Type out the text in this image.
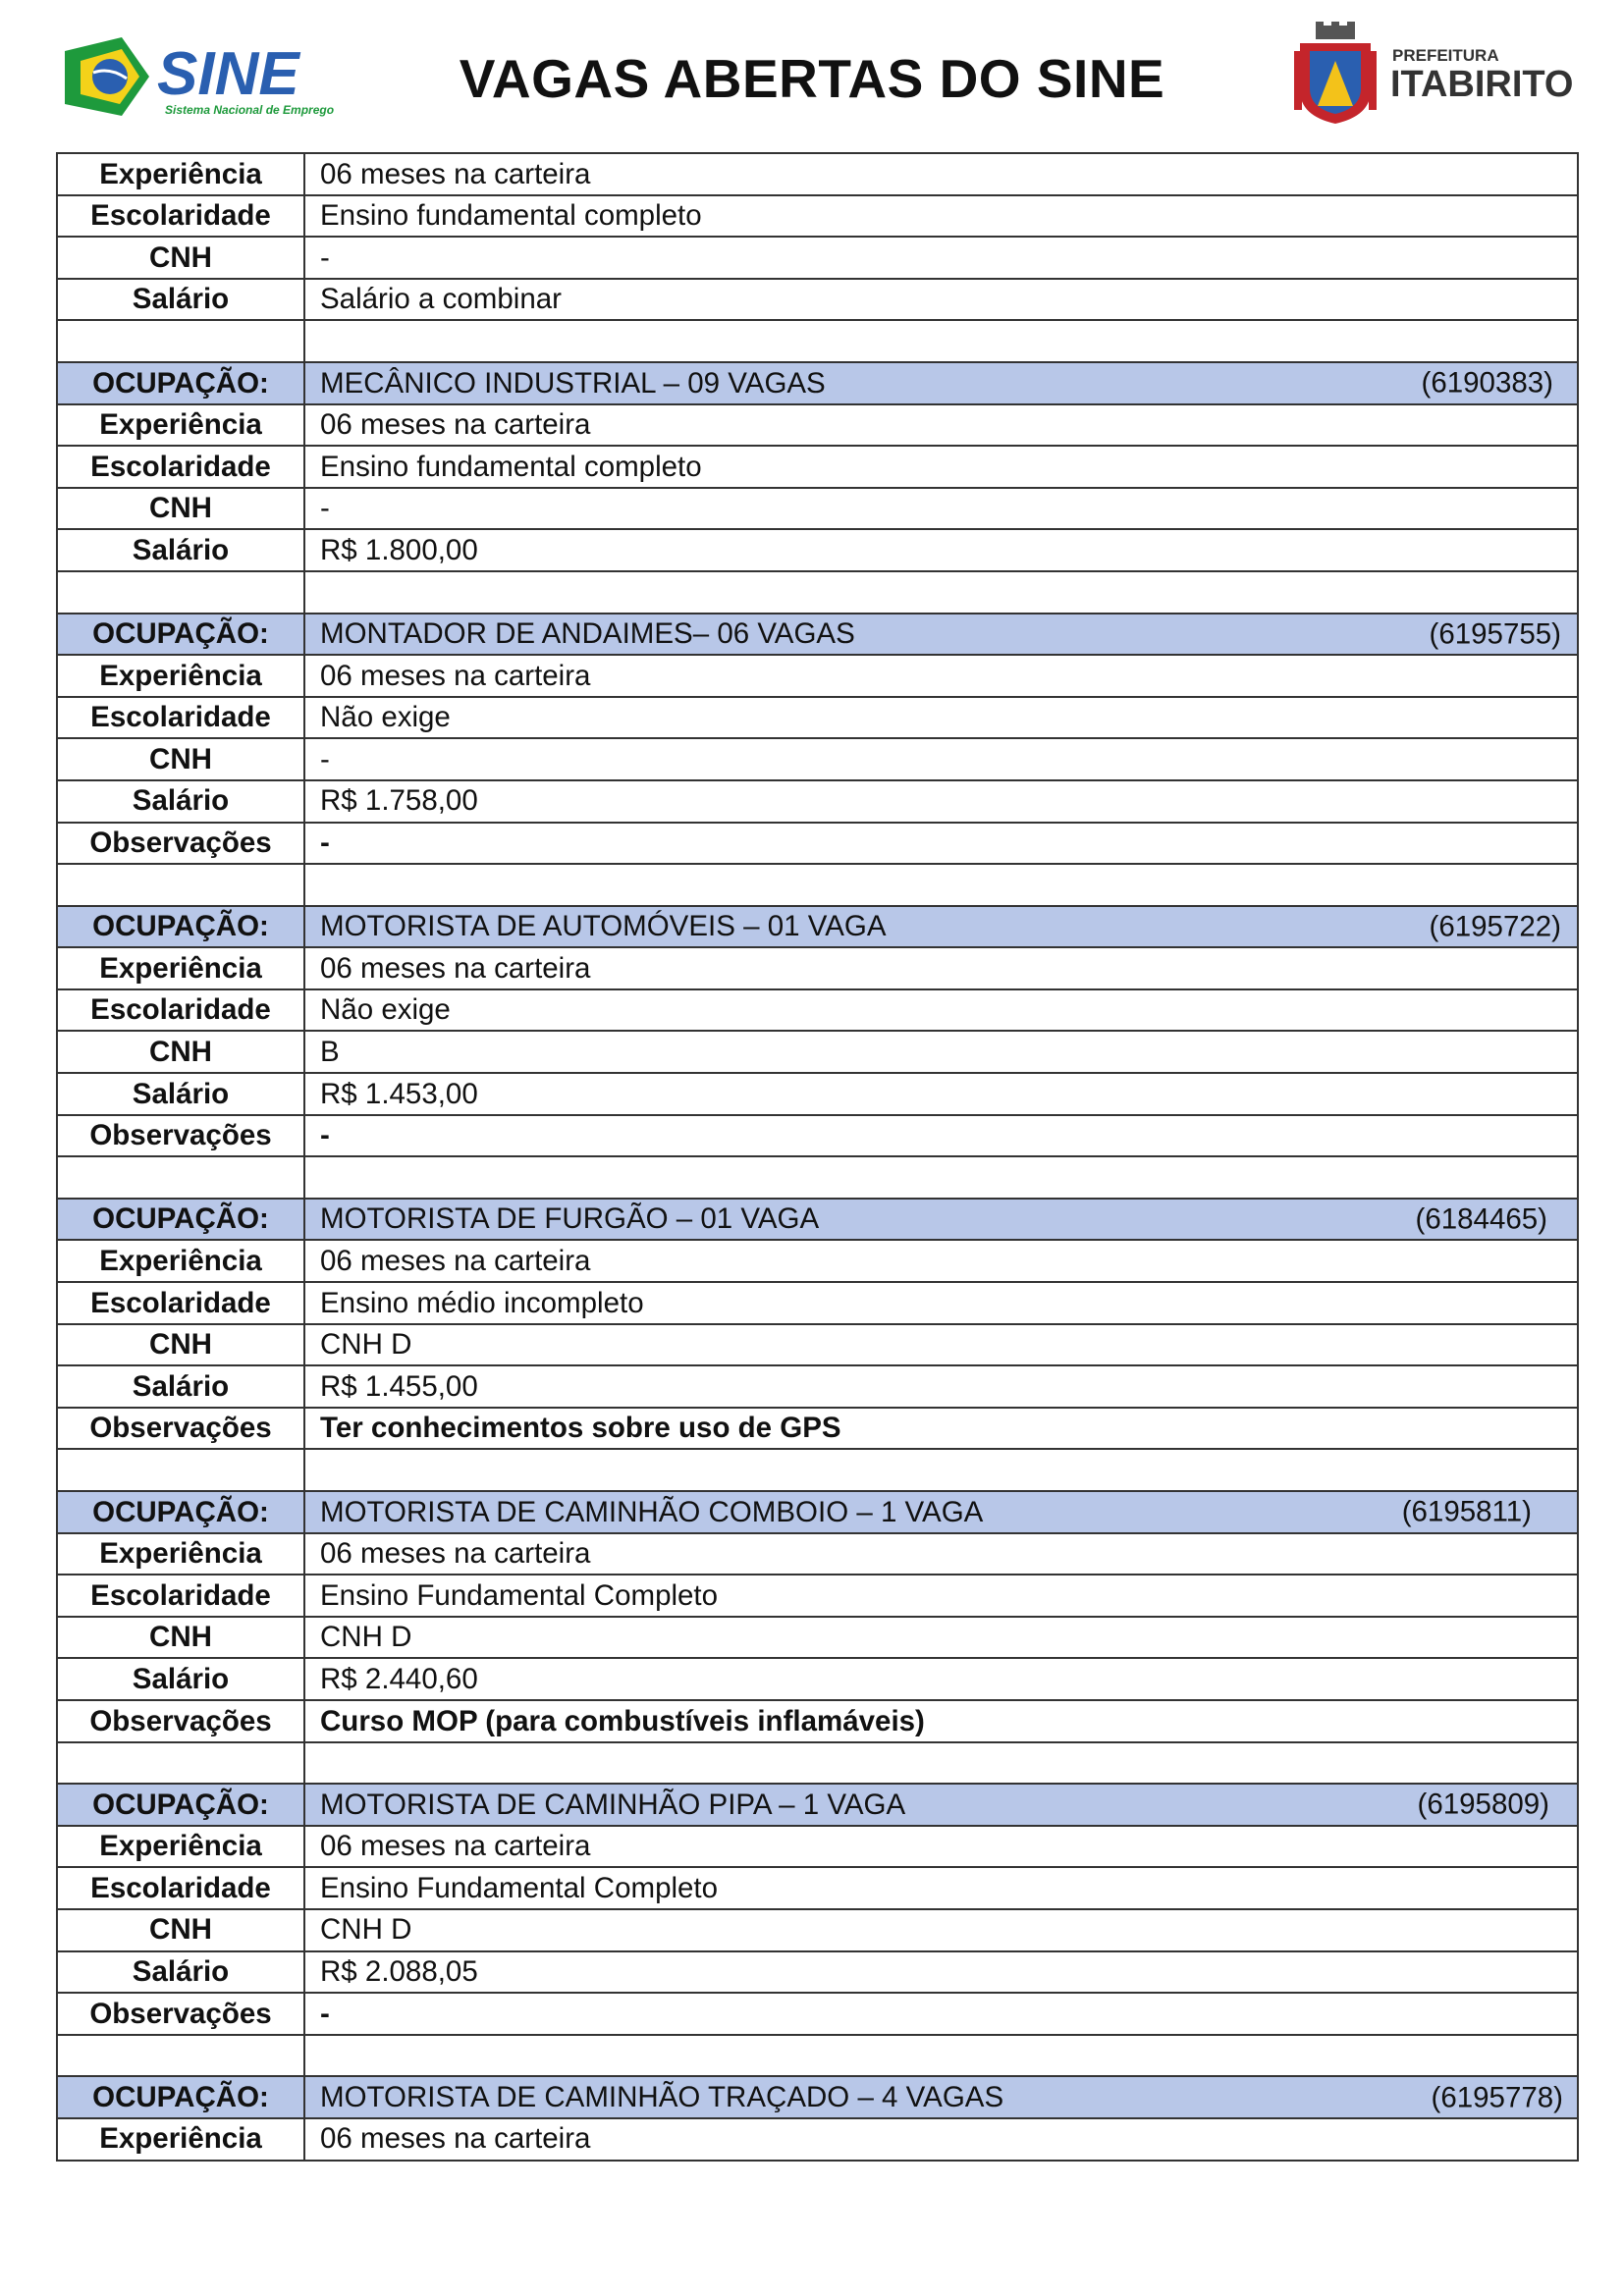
SINE
Sistema Nacional de Emprego
VAGAS ABERTAS DO SINE	PREFEITURA
ITABIRITO
Experiência	06 meses na carteira
Escolaridade	Ensino fundamental completo
CNH	-
Salário	Salário a combinar

OCUPAÇÃO:	MECÂNICO INDUSTRIAL – 09 VAGAS (6190383)

Experiência	06 meses na carteira
Escolaridade	Ensino fundamental completo
CNH	-
Salário	R$ 1.800,00

OCUPAÇÃO:	MONTADOR DE ANDAIMES– 06 VAGAS (6195755)

Experiência	06 meses na carteira
Escolaridade	Não exige
CNH	-
Salário	R$ 1.758,00
Observações	-

OCUPAÇÃO:	MOTORISTA DE AUTOMÓVEIS – 01 VAGA (6195722)

Experiência	06 meses na carteira
Escolaridade	Não exige
CNH	B
Salário	R$ 1.453,00
Observações	-

OCUPAÇÃO:	MOTORISTA DE FURGÃO – 01 VAGA (6184465)

Experiência	06 meses na carteira
Escolaridade	Ensino médio incompleto
CNH	CNH D
Salário	R$ 1.455,00
Observações	Ter conhecimentos sobre uso de GPS

OCUPAÇÃO:	MOTORISTA DE CAMINHÃO COMBOIO – 1 VAGA (6195811)

Experiência	06 meses na carteira
Escolaridade	Ensino Fundamental Completo
CNH	CNH D
Salário	R$ 2.440,60
Observações	Curso MOP (para combustíveis inflamáveis)

OCUPAÇÃO:	MOTORISTA DE CAMINHÃO PIPA – 1 VAGA (6195809)

Experiência	06 meses na carteira
Escolaridade	Ensino Fundamental Completo
CNH	CNH D
Salário	R$ 2.088,05
Observações	-

OCUPAÇÃO:	MOTORISTA DE CAMINHÃO TRAÇADO – 4 VAGAS (6195778)

Experiência	06 meses na carteira
